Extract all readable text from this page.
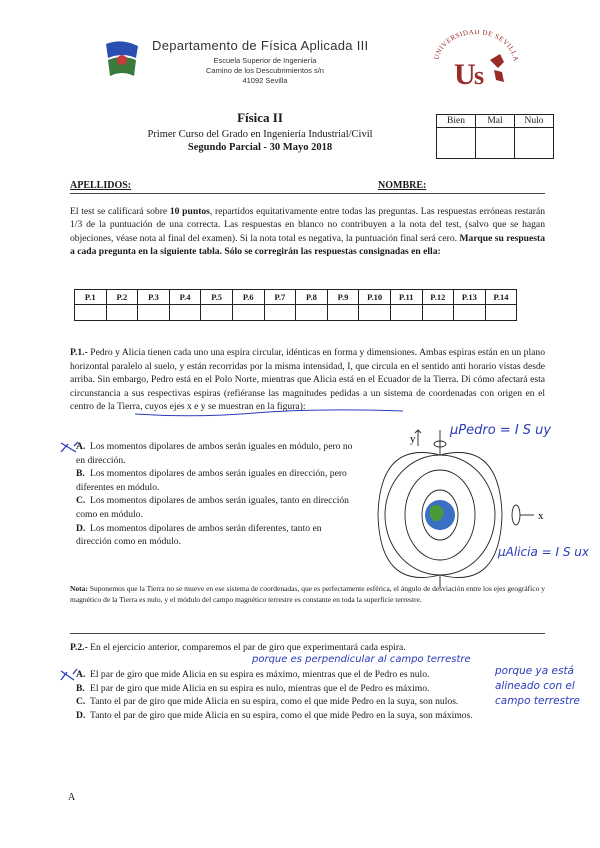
Departamento de Física Aplicada III
Escuela Superior de Ingeniería
Camino de los Descubrimientos s/n
41092 Sevilla
UNIVERSIDAD DE SEVILLA
U
s
Física II
Primer Curso del Grado en Ingeniería Industrial/Civil
Segundo Parcial - 30 Mayo 2018
Bien	Mal	Nulo

APELLIDOS:	NOMBRE:
El test se calificará sobre 10 puntos, repartidos equitativamente entre todas las preguntas. Las respuestas erróneas restarán 1/3 de la puntuación de una correcta. Las respuestas en blanco no contribuyen a la nota del test, (salvo que se hagan objeciones, véase nota al final del examen). Si la nota total es negativa, la puntuación final será cero. Marque su respuesta a cada pregunta en la siguiente tabla. Sólo se corregirán las respuestas consignadas en ella:
P.1	P.2	P.3	P.4	P.5	P.6	P.7	P.8	P.9	P.10	P.11	P.12	P.13	P.14

P.1.- Pedro y Alicia tienen cada uno una espira circular, idénticas en forma y dimensiones. Ambas espiras están en un plano horizontal paralelo al suelo, y están recorridas por la misma intensidad, I, que circula en el sentido anti horario vistas desde arriba. Sin embargo, Pedro está en el Polo Norte, mientras que Alicia está en el Ecuador de la Tierra. Di cómo afectará esta circunstancia a sus respectivas espiras (refiéranse las magnitudes pedidas a un sistema de coordenadas con origen en el centro de la Tierra, cuyos ejes x e y se muestran en la figura):
A. Los momentos dipolares de ambos serán iguales en módulo, pero no en dirección.
B. Los momentos dipolares de ambos serán iguales en dirección, pero diferentes en módulo.
C. Los momentos dipolares de ambos serán iguales, tanto en dirección como en módulo.
D. Los momentos dipolares de ambos serán diferentes, tanto en dirección como en módulo.
y
x
μPedro = I S uy
μAlicia = I S ux
Nota: Suponemos que la Tierra no se mueve en ese sistema de coordenadas, que es perfectamente esférica, el ángulo de desviación entre los ejes geográfico y magnético de la Tierra es nulo, y el módulo del campo magnético terrestre es constante en toda la superficie terrestre.
P.2.- En el ejercicio anterior, comparemos el par de giro que experimentará cada espira.
porque es perpendicular al campo terrestre
porque ya está alineado con el campo terrestre
A. El par de giro que mide Alicia en su espira es máximo, mientras que el de Pedro es nulo.
B. El par de giro que mide Alicia en su espira es nulo, mientras que el de Pedro es máximo.
C. Tanto el par de giro que mide Alicia en su espira, como el que mide Pedro en la suya, son nulos.
D. Tanto el par de giro que mide Alicia en su espira, como el que mide Pedro en la suya, son máximos.
A
